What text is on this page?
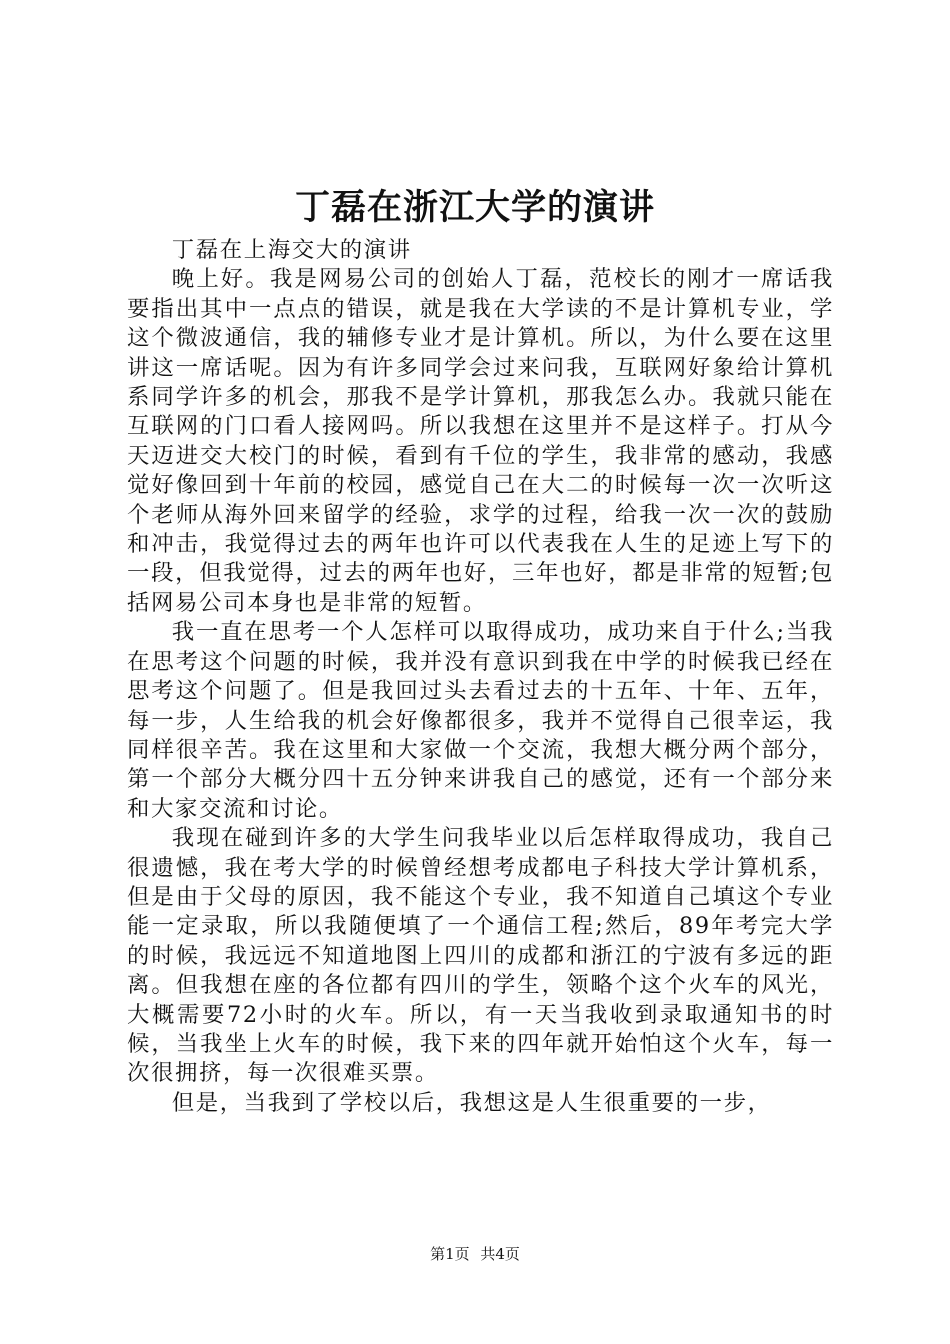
丁磊在浙江大学的演讲

丁磊在上海交大的演讲

晚上好。我是网易公司的创始人丁磊，范校长的刚才一席话我要指出其中一点点的错误，就是我在大学读的不是计算机专业，学这个微波通信，我的辅修专业才是计算机。所以，为什么要在这里讲这一席话呢。因为有许多同学会过来问我，互联网好象给计算机系同学许多的机会，那我不是学计算机，那我怎么办。我就只能在互联网的门口看人接网吗。所以我想在这里并不是这样子。打从今天迈进交大校门的时候，看到有千位的学生，我非常的感动，我感觉好像回到十年前的校园，感觉自己在大二的时候每一次一次听这个老师从海外回来留学的经验，求学的过程，给我一次一次的鼓励和冲击，我觉得过去的两年也许可以代表我在人生的足迹上写下的一段，但我觉得，过去的两年也好，三年也好，都是非常的短暂;包括网易公司本身也是非常的短暂。

我一直在思考一个人怎样可以取得成功，成功来自于什么;当我在思考这个问题的时候，我并没有意识到我在中学的时候我已经在思考这个问题了。但是我回过头去看过去的十五年、十年、五年，每一步，人生给我的机会好像都很多，我并不觉得自己很幸运，我同样很辛苦。我在这里和大家做一个交流，我想大概分两个部分，第一个部分大概分四十五分钟来讲我自己的感觉，还有一个部分来和大家交流和讨论。

我现在碰到许多的大学生问我毕业以后怎样取得成功，我自己很遗憾，我在考大学的时候曾经想考成都电子科技大学计算机系，但是由于父母的原因，我不能这个专业，我不知道自己填这个专业能一定录取，所以我随便填了一个通信工程;然后，89年考完大学的时候，我远远不知道地图上四川的成都和浙江的宁波有多远的距离。但我想在座的各位都有四川的学生，领略个这个火车的风光，大概需要72小时的火车。所以，有一天当我收到录取通知书的时候，当我坐上火车的时候，我下来的四年就开始怕这个火车，每一次很拥挤，每一次很难买票。

但是，当我到了学校以后，我想这是人生很重要的一步，

第1页 共4页
